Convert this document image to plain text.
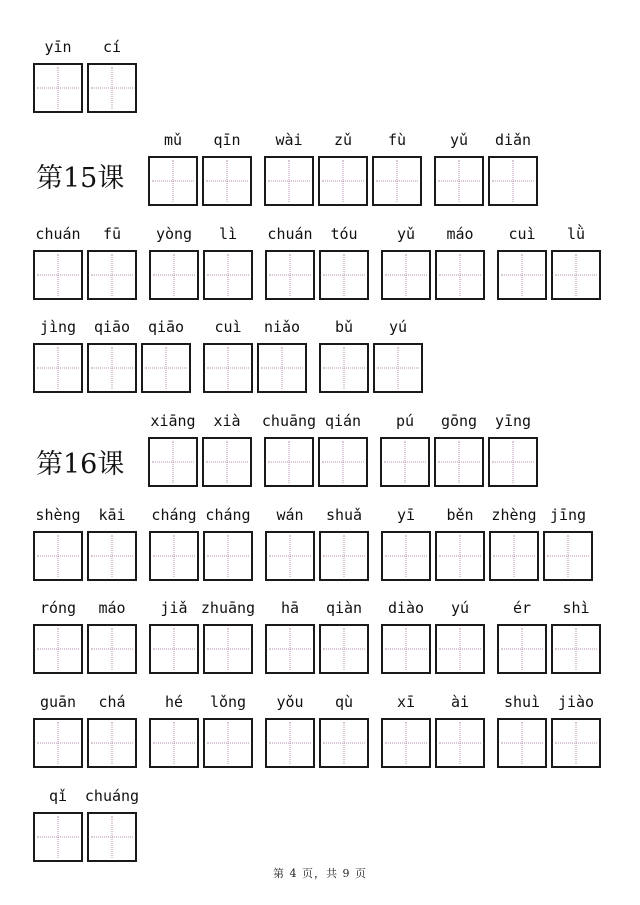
第15课
第16课
yīn	cí
mǔ	qīn	wài	zǔ	fù	yǔ	diǎn
chuán	fū	yòng	lì	chuán	tóu	yǔ	máo	cuì	lǜ
jìng	qiāo	qiāo	cuì	niǎo	bǔ	yú
xiāng	xià	chuāng qián	pú	gōng	yīng
shèng	kāi	cháng cháng	wán	shuǎ	yī	běn	zhèng jīng
róng	máo	jiǎ zhuāng	hā	qiàn	diào	yú	ér	shì
guān	chá	hé	lǒng	yǒu	qù	xī	ài	shuì	jiào
qǐ	chuáng
第 4 页，共 9 页
